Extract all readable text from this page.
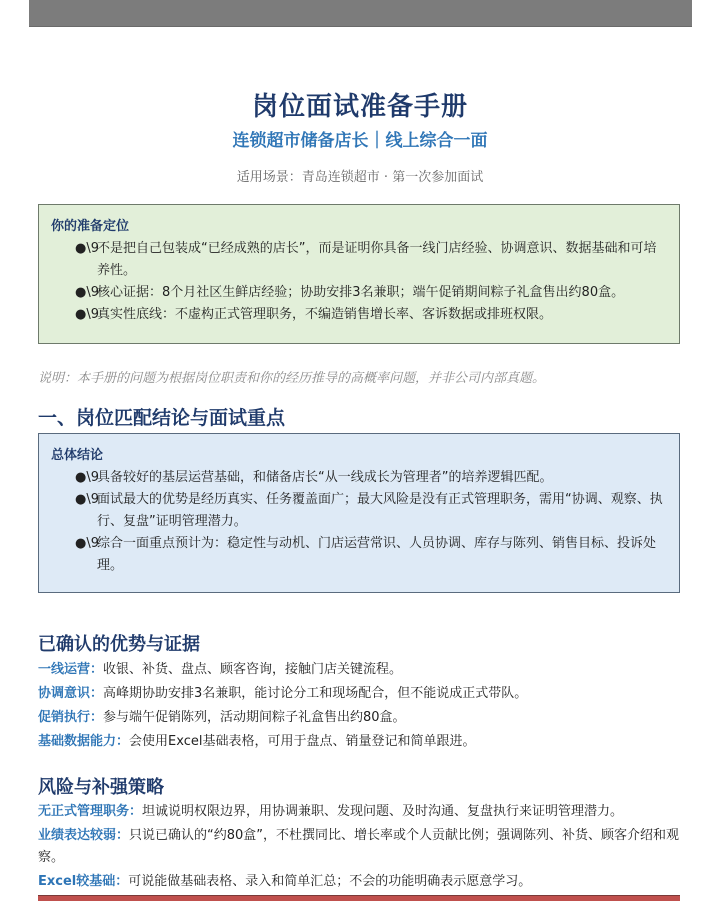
岗位面试准备手册
连锁超市储备店长｜线上综合一面
适用场景：青岛连锁超市 · 第一次参加面试
你的准备定位
●\9
不是把自己包装成“已经成熟的店长”，而是证明你具备一线门店经验、协调意识、数据基础和可培养性。
●\9
核心证据：8个月社区生鲜店经验；协助安排3名兼职；端午促销期间粽子礼盒售出约80盒。
●\9
真实性底线：不虚构正式管理职务，不编造销售增长率、客诉数据或排班权限。
说明：本手册的问题为根据岗位职责和你的经历推导的高概率问题，并非公司内部真题。
一、岗位匹配结论与面试重点
总体结论
●\9
具备较好的基层运营基础，和储备店长“从一线成长为管理者”的培养逻辑匹配。
●\9
面试最大的优势是经历真实、任务覆盖面广；最大风险是没有正式管理职务，需用“协调、观察、执行、复盘”证明管理潜力。
●\9
综合一面重点预计为：稳定性与动机、门店运营常识、人员协调、库存与陈列、销售目标、投诉处理。
已确认的优势与证据
一线运营：收银、补货、盘点、顾客咨询，接触门店关键流程。
协调意识：高峰期协助安排3名兼职，能讨论分工和现场配合，但不能说成正式带队。
促销执行：参与端午促销陈列，活动期间粽子礼盒售出约80盒。
基础数据能力：会使用Excel基础表格，可用于盘点、销量登记和简单跟进。
风险与补强策略
无正式管理职务：坦诚说明权限边界，用协调兼职、发现问题、及时沟通、复盘执行来证明管理潜力。
业绩表达较弱：只说已确认的“约80盒”，不杜撰同比、增长率或个人贡献比例；强调陈列、补货、顾客介绍和观察。
Excel较基础：可说能做基础表格、录入和简单汇总；不会的功能明确表示愿意学习。
